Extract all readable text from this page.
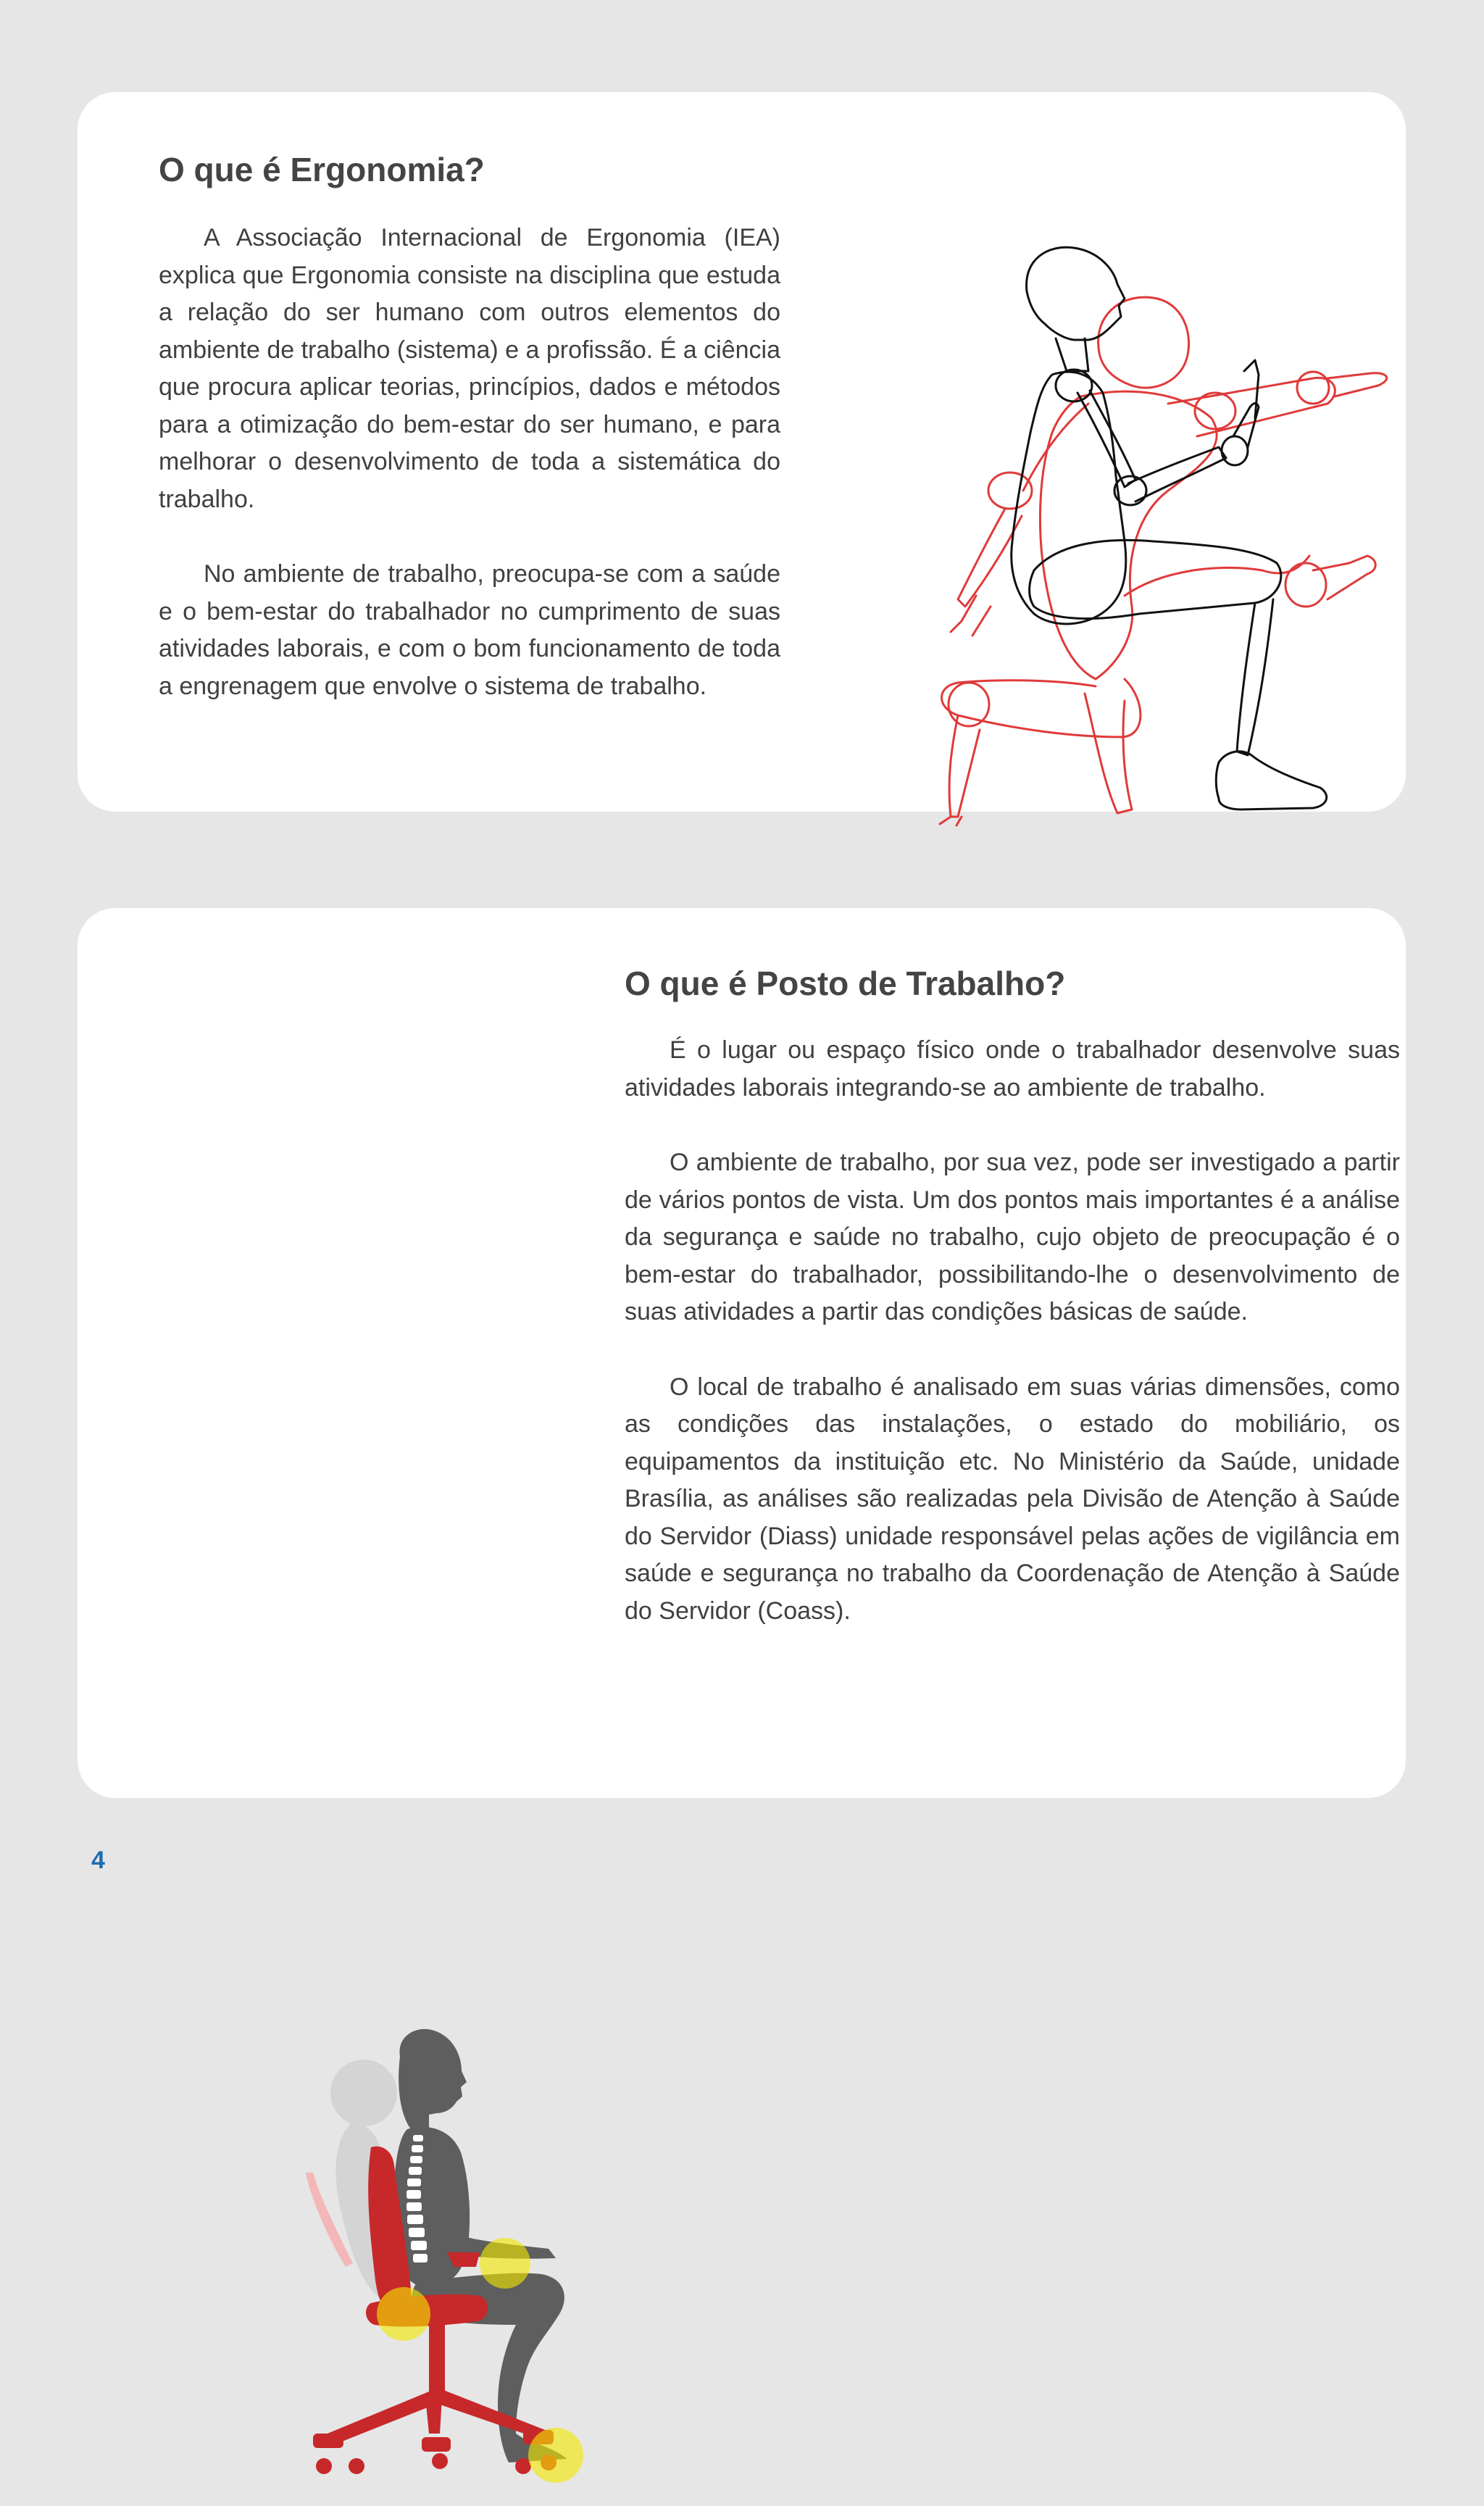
O que é Ergonomia?

A Associação Internacional de Ergonomia (IEA) explica que Ergonomia consiste na disciplina que estuda a relação do ser humano com outros elementos do ambiente de trabalho (sistema) e a profissão. É a ciência que procura aplicar teorias, princípios, dados e métodos para a otimização do bem-estar do ser humano, e para melhorar o desenvolvimento de toda a sistemática do trabalho.

No ambiente de trabalho, preocupa-se com a saúde e o bem-estar do trabalhador no cumprimento de suas atividades laborais, e com o bom funcionamento de toda a engrenagem que envolve o sistema de trabalho.

O que é Posto de Trabalho?

É o lugar ou espaço físico onde o trabalhador desenvolve suas atividades laborais integrando-se ao ambiente de trabalho.

O ambiente de trabalho, por sua vez, pode ser investigado a partir de vários pontos de vista. Um dos pontos mais importantes é a análise da segurança e saúde no trabalho, cujo objeto de preocupação é o bem-estar do trabalhador, possibilitando-lhe o desenvolvimento de suas atividades a partir das condições básicas de saúde.

O local de trabalho é analisado em suas várias dimensões, como as condições das instalações, o estado do mobiliário, os equipamentos da instituição etc. No Ministério da Saúde, unidade Brasília, as análises são realizadas pela Divisão de Atenção à Saúde do Servidor (Diass) unidade responsável pelas ações de vigilância em saúde e segurança no trabalho da Coordenação de Atenção à Saúde do Servidor (Coass).

4
